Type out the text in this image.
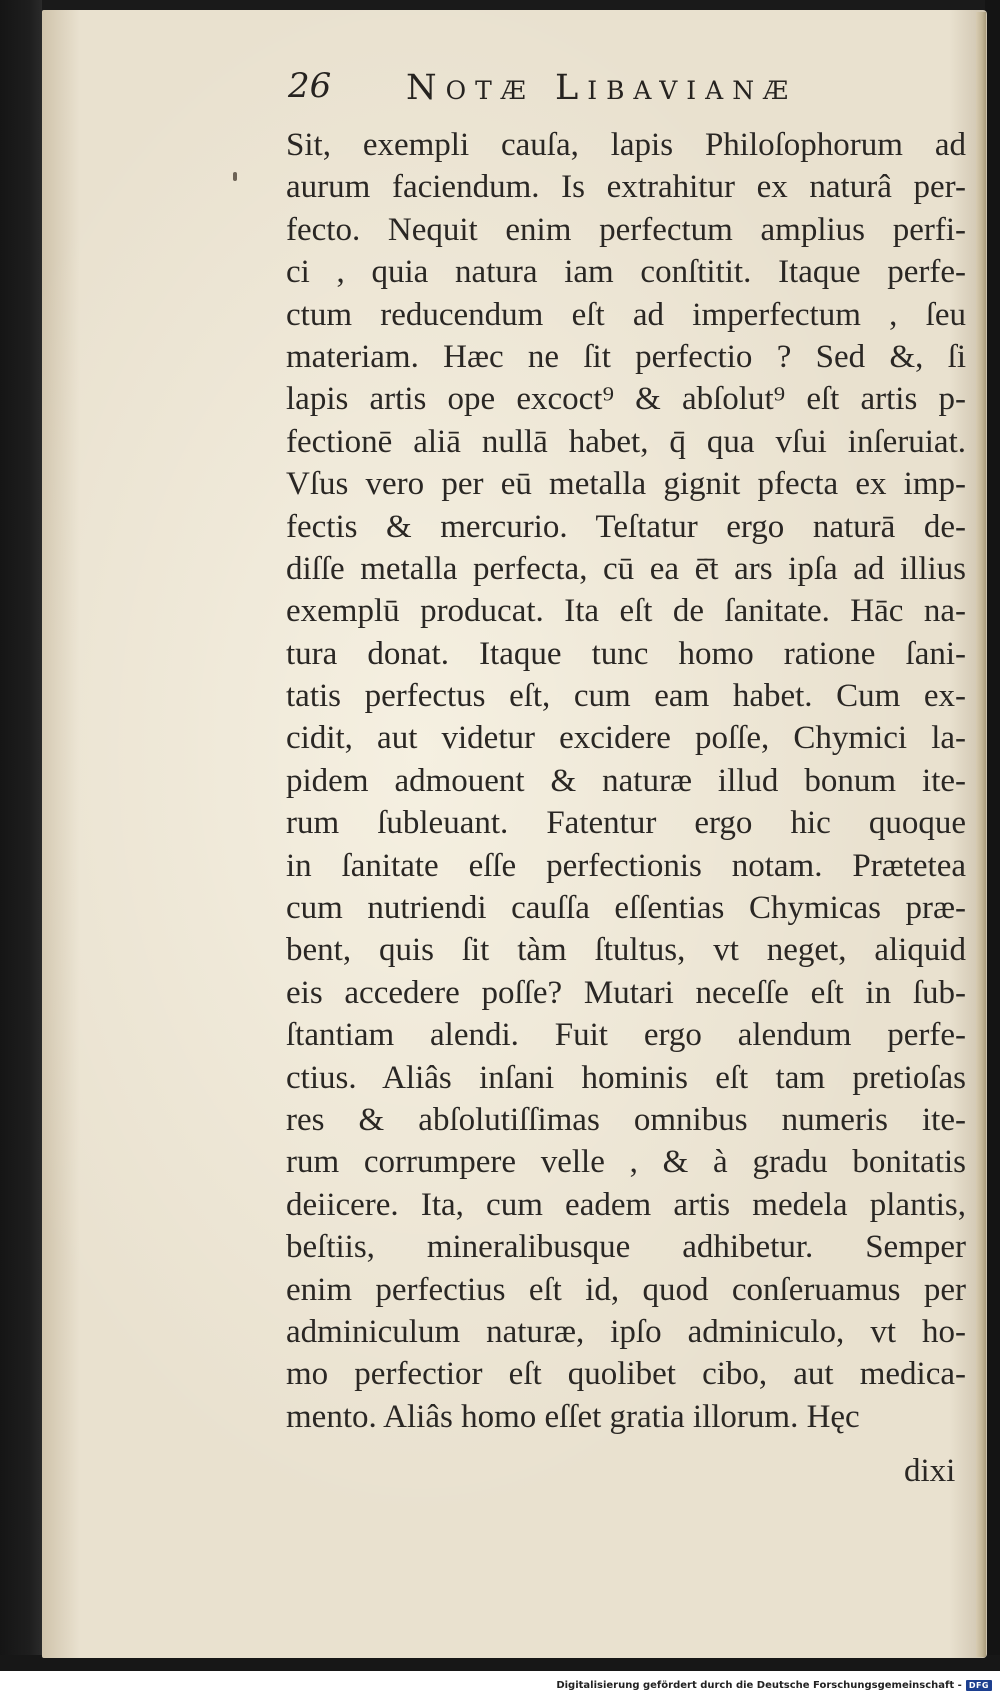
26 Notæ Libavianæ
Sit, exempli cauſa, lapis Philoſophorum ad
aurum faciendum. Is extrahitur ex naturâ per-
fecto. Nequit enim perfectum amplius perfi-
ci , quia natura iam conſtitit. Itaque perfe-
ctum reducendum eſt ad imperfectum , ſeu
materiam. Hæc ne ſit perfectio ? Sed &, ſi
lapis artis ope excoct⁹ & abſolut⁹ eſt artis p-
fectionē aliā nullā habet, q̄ qua vſui inſeruiat.
Vſus vero per eū metalla gignit pfecta ex imp-
fectis & mercurio. Teſtatur ergo naturā de-
diſſe metalla perfecta, cū ea ē̄t ars ipſa ad illius
exemplū producat. Ita eſt de ſanitate. Hāc na-
tura donat. Itaque tunc homo ratione ſani-
tatis perfectus eſt, cum eam habet. Cum ex-
cidit, aut videtur excidere poſſe, Chymici la-
pidem admouent & naturæ illud bonum ite-
rum ſubleuant. Fatentur ergo hic quoque
in ſanitate eſſe perfectionis notam. Prætetea
cum nutriendi cauſſa eſſentias Chymicas præ-
bent, quis ſit tàm ſtultus, vt neget, aliquid
eis accedere poſſe? Mutari neceſſe eſt in ſub-
ſtantiam alendi. Fuit ergo alendum perfe-
ctius. Aliâs inſani hominis eſt tam pretioſas
res & abſolutiſſimas omnibus numeris ite-
rum corrumpere velle , & à gradu bonitatis
deiicere. Ita, cum eadem artis medela plantis,
beſtiis, mineralibusque adhibetur. Semper
enim perfectius eſt id, quod conſeruamus per
adminiculum naturæ, ipſo adminiculo, vt ho-
mo perfectior eſt quolibet cibo, aut medica-
mento. Aliâs homo eſſet gratia illorum. Hęc
dixi
Digitalisierung gefördert durch die Deutsche Forschungsgemeinschaft - DFG
